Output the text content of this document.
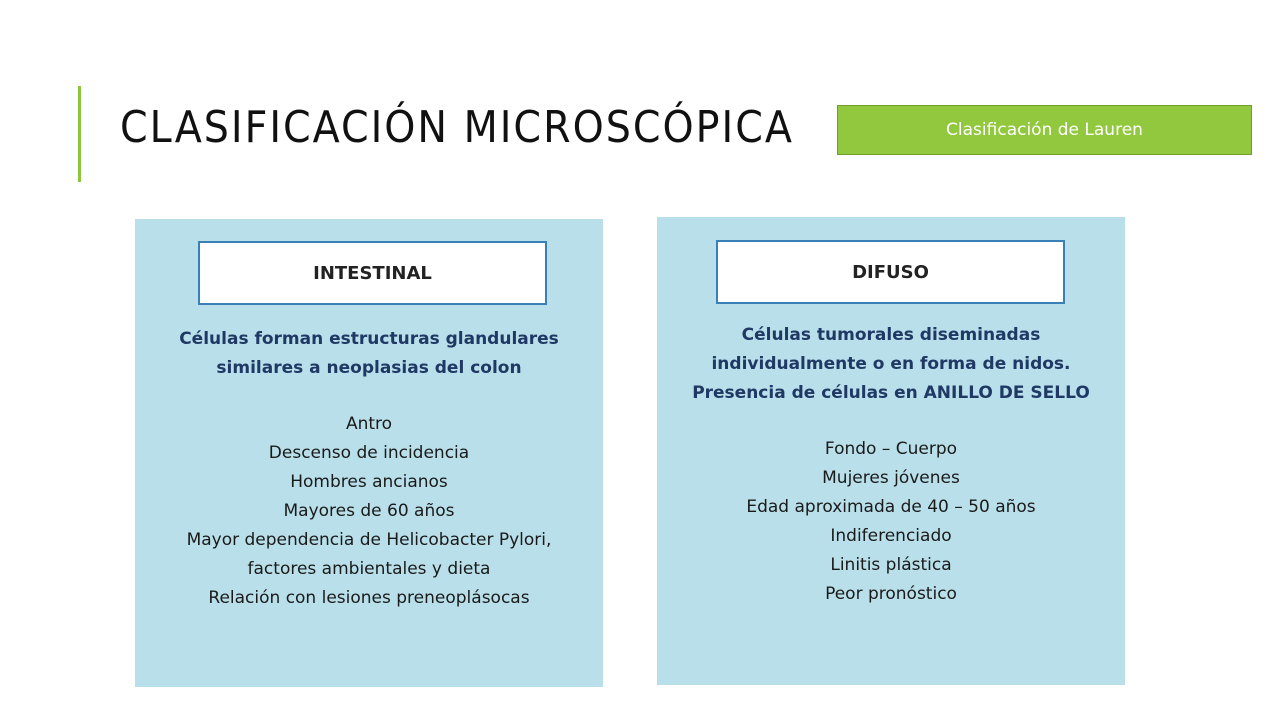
CLASIFICACIÓN MICROSCÓPICA	Clasificación de Lauren
INTESTINAL

Células forman estructuras glandulares

similares a neoplasias del colon

Antro

Descenso de incidencia

Hombres ancianos

Mayores de 60 años

Mayor dependencia de Helicobacter Pylori,

factores ambientales y dieta

Relación con lesiones preneoplásocas

DIFUSO

Células tumorales diseminadas

individualmente o en forma de nidos.

Presencia de células en ANILLO DE SELLO

Fondo – Cuerpo

Mujeres jóvenes

Edad aproximada de 40 – 50 años

Indiferenciado

Linitis plástica

Peor pronóstico
